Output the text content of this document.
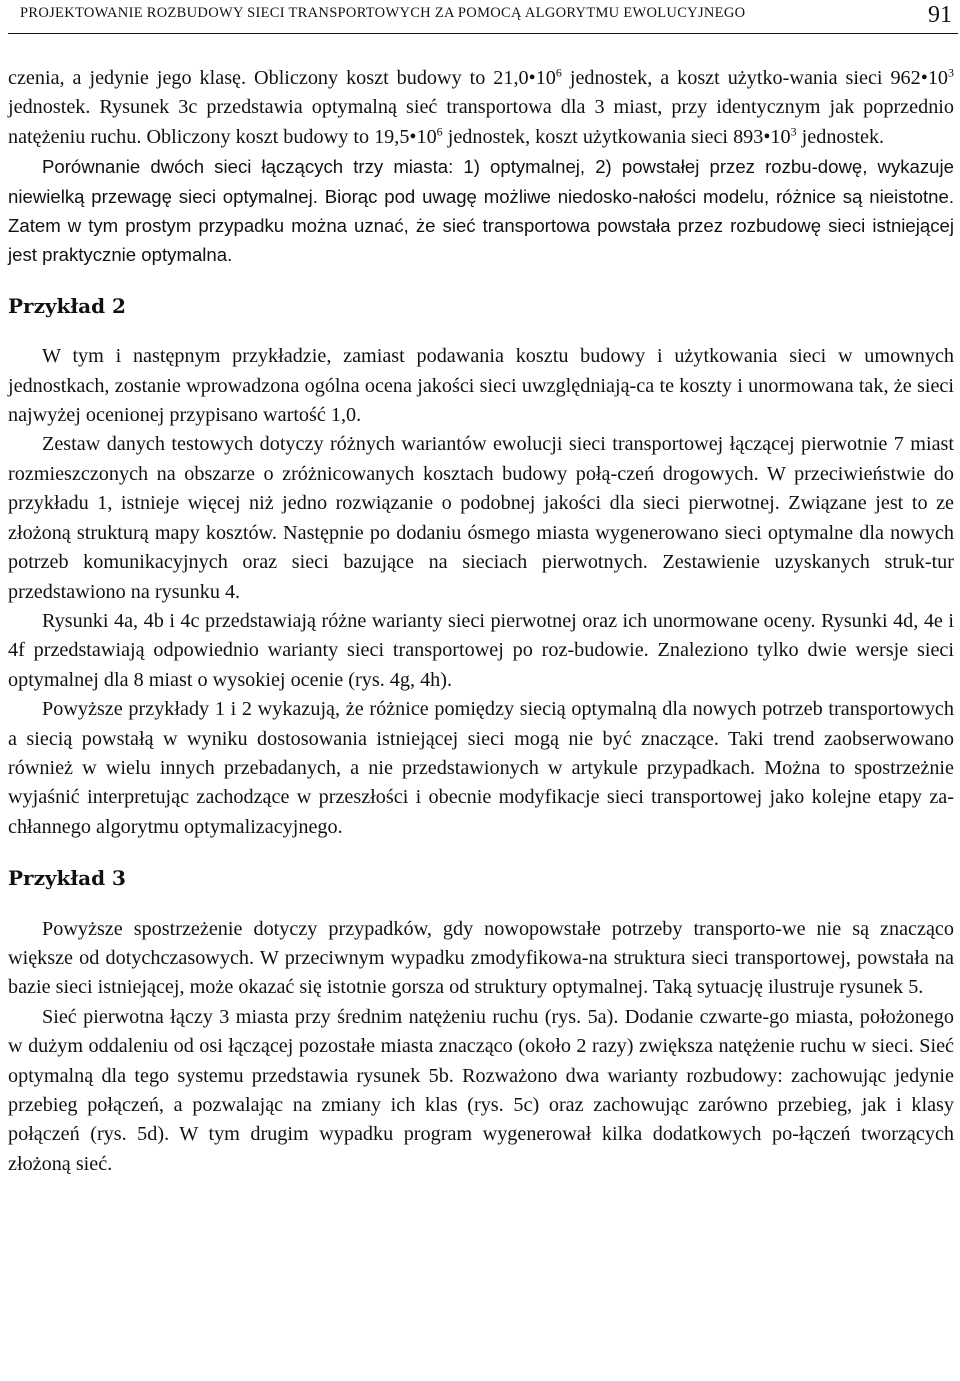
PROJEKTOWANIE ROZBUDOWY SIECI TRANSPORTOWYCH ZA POMOCĄ ALGORYTMU EWOLUCYJNEGO	91

czenia, a jedynie jego klasę. Obliczony koszt budowy to $21,0•10^6$ jednostek, a koszt użytko-wania sieci $962•10^3$ jednostek. Rysunek 3c przedstawia optymalną sieć transportowa dla 3 miast, przy identycznym jak poprzednio natężeniu ruchu. Obliczony koszt budowy to $19,5•10^6$ jednostek, koszt użytkowania sieci $893•10^3$ jednostek.

Porównanie dwóch sieci łączących trzy miasta: 1) optymalnej, 2) powstałej przez rozbu-dowę, wykazuje niewielką przewagę sieci optymalnej. Biorąc pod uwagę możliwe niedosko-nałości modelu, różnice są nieistotne. Zatem w tym prostym przypadku można uznać, że sieć transportowa powstała przez rozbudowę sieci istniejącej jest praktycznie optymalna.

Przykład 2

W tym i następnym przykładzie, zamiast podawania kosztu budowy i użytkowania sieci w umownych jednostkach, zostanie wprowadzona ogólna ocena jakości sieci uwzględniają-ca te koszty i unormowana tak, że sieci najwyżej ocenionej przypisano wartość 1,0.

Zestaw danych testowych dotyczy różnych wariantów ewolucji sieci transportowej łączącej pierwotnie 7 miast rozmieszczonych na obszarze o zróżnicowanych kosztach budowy połą-czeń drogowych. W przeciwieństwie do przykładu 1, istnieje więcej niż jedno rozwiązanie o podobnej jakości dla sieci pierwotnej. Związane jest to ze złożoną strukturą mapy kosztów. Następnie po dodaniu ósmego miasta wygenerowano sieci optymalne dla nowych potrzeb komunikacyjnych oraz sieci bazujące na sieciach pierwotnych. Zestawienie uzyskanych struk-tur przedstawiono na rysunku 4.

Rysunki 4a, 4b i 4c przedstawiają różne warianty sieci pierwotnej oraz ich unormowane oceny. Rysunki 4d, 4e i 4f przedstawiają odpowiednio warianty sieci transportowej po roz-budowie. Znaleziono tylko dwie wersje sieci optymalnej dla 8 miast o wysokiej ocenie (rys. 4g, 4h).

Powyższe przykłady 1 i 2 wykazują, że różnice pomiędzy siecią optymalną dla nowych potrzeb transportowych a siecią powstałą w wyniku dostosowania istniejącej sieci mogą nie być znaczące. Taki trend zaobserwowano również w wielu innych przebadanych, a nie przedstawionych w artykule przypadkach. Można to spostrzeżnie wyjaśnić interpretując zachodzące w przeszłości i obecnie modyfikacje sieci transportowej jako kolejne etapy za-chłannego algorytmu optymalizacyjnego.

Przykład 3

Powyższe spostrzeżenie dotyczy przypadków, gdy nowopowstałe potrzeby transporto-we nie są znacząco większe od dotychczasowych. W przeciwnym wypadku zmodyfikowa-na struktura sieci transportowej, powstała na bazie sieci istniejącej, może okazać się istotnie gorsza od struktury optymalnej. Taką sytuację ilustruje rysunek 5.

Sieć pierwotna łączy 3 miasta przy średnim natężeniu ruchu (rys. 5a). Dodanie czwarte-go miasta, położonego w dużym oddaleniu od osi łączącej pozostałe miasta znacząco (około 2 razy) zwiększa natężenie ruchu w sieci. Sieć optymalną dla tego systemu przedstawia rysunek 5b. Rozważono dwa warianty rozbudowy: zachowując jedynie przebieg połączeń, a pozwalając na zmiany ich klas (rys. 5c) oraz zachowując zarówno przebieg, jak i klasy połączeń (rys. 5d). W tym drugim wypadku program wygenerował kilka dodatkowych po-łączeń tworzących złożoną sieć.
